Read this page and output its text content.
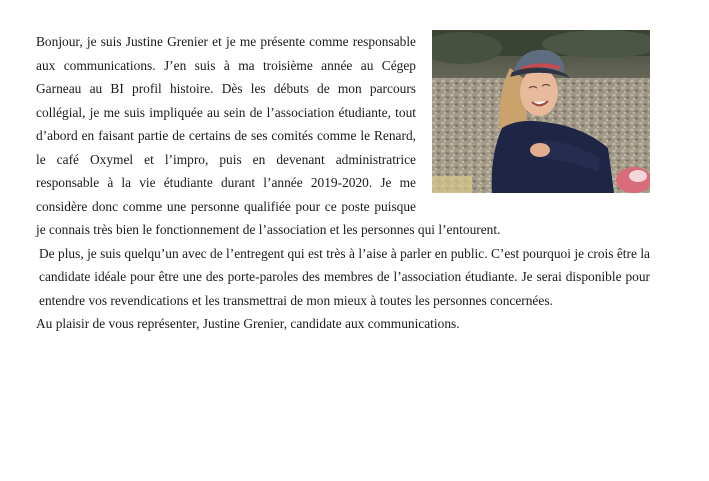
Bonjour, je suis Justine Grenier et je me présente comme responsable aux communications. J’en suis à ma troisième année au Cégep Garneau au BI profil histoire. Dès les débuts de mon parcours collégial, je me suis impliquée au sein de l’association étudiante, tout d’abord en faisant partie de certains de ses comités comme le Renard, le café Oxymel et l’impro, puis en devenant administratrice responsable à la vie étudiante durant l’année 2019-2020. Je me considère donc comme une personne qualifiée pour ce poste puisque je connais très bien le fonctionnement de l’association et les personnes qui l’entourent.

De plus, je suis quelqu’un avec de l’entregent qui est très à l’aise à parler en public. C’est pourquoi je crois être la candidate idéale pour être une des porte-paroles des membres de l’association étudiante. Je serai disponible pour entendre vos revendications et les transmettrai de mon mieux à toutes les personnes concernées.

Au plaisir de vous représenter, Justine Grenier, candidate aux communications.
